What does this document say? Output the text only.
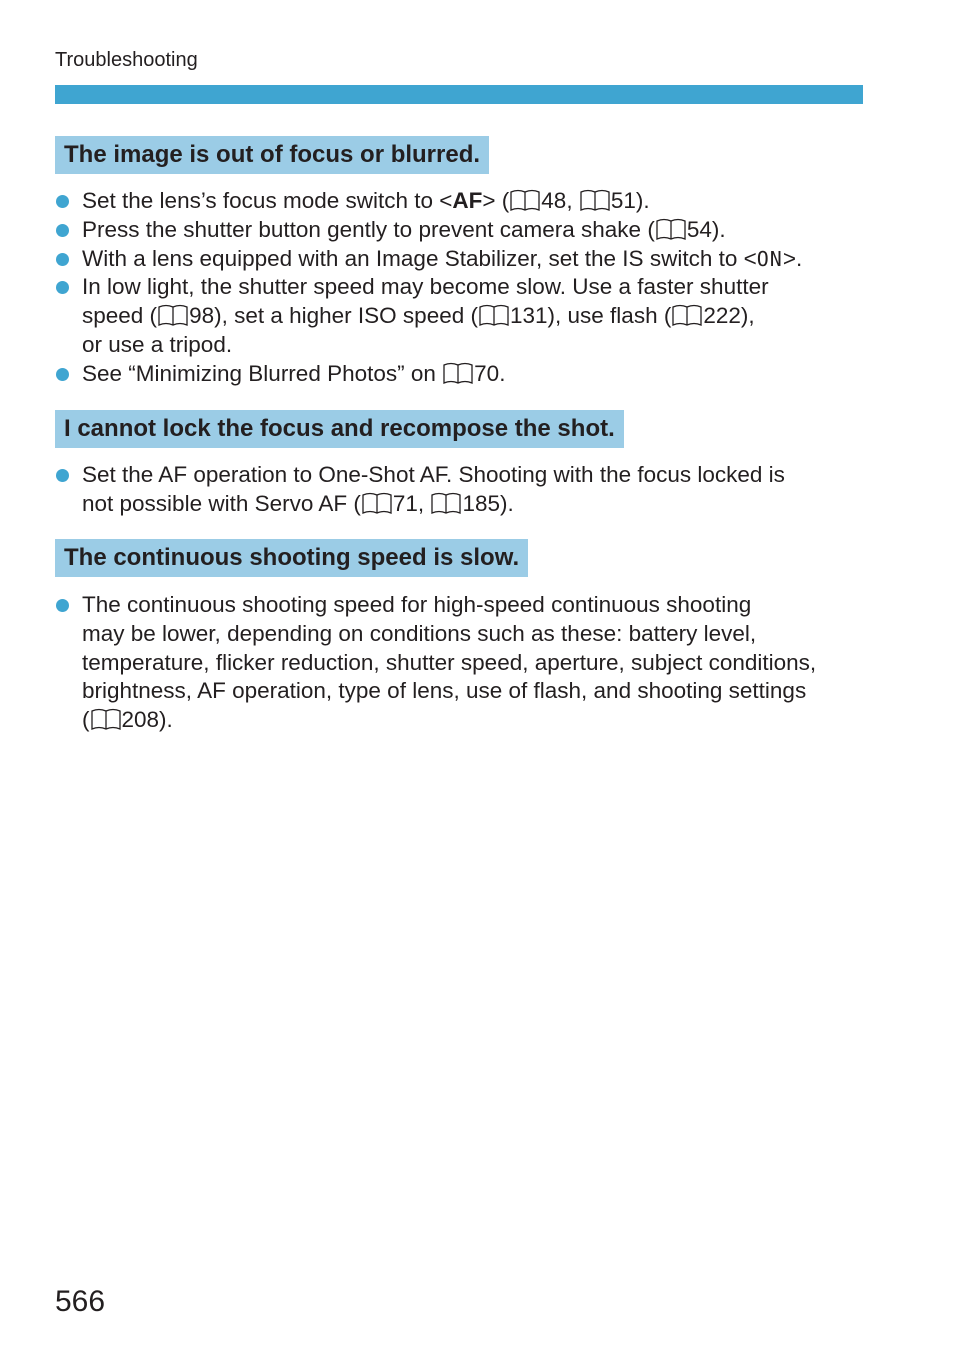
Troubleshooting
The image is out of focus or blurred.
Set the lens’s focus mode switch to <AF> ( 48,
51).
Press the shutter button gently to prevent camera shake ( 54).
With a lens equipped with an Image Stabilizer, set the IS switch to <ON>.
In low light, the shutter speed may become slow. Use a faster shutter
speed ( 98), set a higher ISO speed ( 131), use flash ( 222),
or use a tripod.
See “Minimizing Blurred Photos” on
70.
I cannot lock the focus and recompose the shot.
Set the AF operation to One-Shot AF. Shooting with the focus locked is
not possible with Servo AF ( 71,
185).
The continuous shooting speed is slow.
The continuous shooting speed for high-speed continuous shooting
may be lower, depending on conditions such as these: battery level,
temperature, flicker reduction, shutter speed, aperture, subject conditions,
brightness, AF operation, type of lens, use of flash, and shooting settings
( 208).
566
